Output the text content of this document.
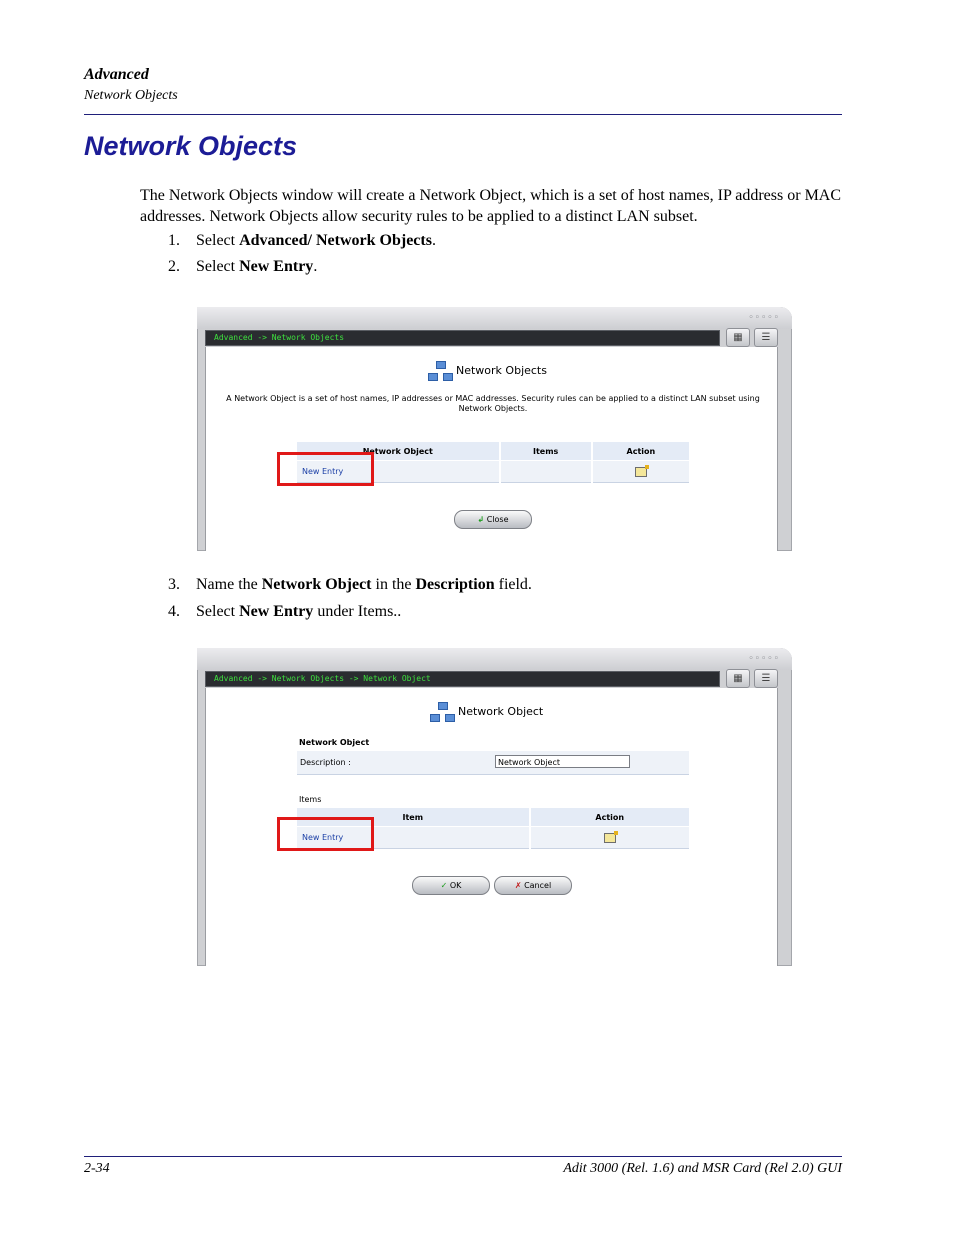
Advanced
Network Objects
Network Objects
The Network Objects window will create a Network Object, which is a set of host names, IP address or MAC addresses. Network Objects allow security rules to be applied to a distinct LAN subset.
1. Select Advanced/ Network Objects.
2. Select New Entry.
◦◦◦◦◦
Advanced -> Network Objects	▦	☰
Network Objects
A Network Object is a set of host names, IP addresses or MAC addresses. Security rules can be applied to a distinct LAN subset using Network Objects.
Network Object	Items	Action
New Entry		
↲ Close
3. Name the Network Object in the Description field.
4. Select New Entry under Items..
◦◦◦◦◦
Advanced -> Network Objects -> Network Object	▦	☰
Network Object
Network Object
Description :	Network Object
Items
Item	Action
New Entry	
✓ OK	✗ Cancel
2-34	Adit 3000 (Rel. 1.6) and MSR Card (Rel 2.0) GUI
